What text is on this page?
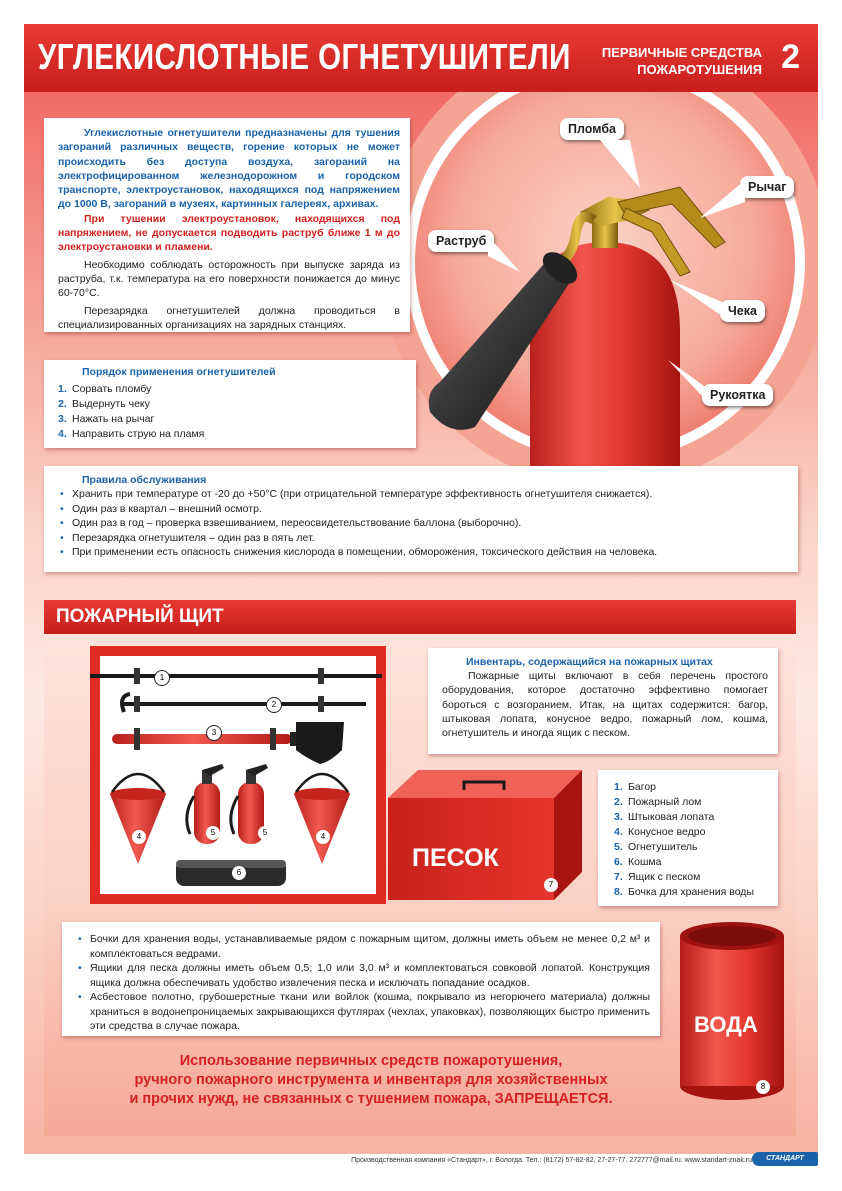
УГЛЕКИСЛОТНЫЕ ОГНЕТУШИТЕЛИ ПЕРВИЧНЫЕ СРЕДСТВА
ПОЖАРОТУШЕНИЯ 2
Пломба
Рычаг
Раструб
Чека
Рукоятка

Углекислотные огнетушители предназначены для тушения загораний различных веществ, горение которых не может происходить без доступа воздуха, загораний на электрофицированном железнодорожном и городском транспорте, электроустановок, находящихся под напряжением до 1000 В, загораний в музеях, картинных галереях, архивах.

При тушении электроустановок, находящихся под напряжением, не допускается подводить раструб ближе 1 м до электроустановки и пламени.

Необходимо соблюдать осторожность при выпуске заряда из раструба, т.к. температура на его поверхности понижается до минус 60-70°С.

Перезарядка огнетушителей должна проводиться в специализированных организациях на зарядных станциях.

Порядок применения огнетушителей
1. Сорвать пломбу
2. Выдернуть чеку
3. Нажать на рычаг
4. Направить струю на пламя
Правила обслуживания
• Хранить при температуре от -20 до +50°С (при отрицательной температуре эффективность огнетушителя снижается).
• Один раз в квартал – внешний осмотр.
• Один раз в год – проверка взвешиванием, переосвидетельствование баллона (выборочно).
• Перезарядка огнетушителя – один раз в пять лет.
• При применении есть опасность снижения кислорода в помещении, обморожения, токсического действия на человека.
ПОЖАРНЫЙ ЩИТ
1
2
3
4	5	5	4
6
Инвентарь, содержащийся на пожарных щитах

Пожарные щиты включают в себя перечень простого оборудования, которое достаточно эффективно помогает бороться с возгоранием. Итак, на щитах содержится: багор, штыковая лопата, конусное ведро, пожарный лом, кошма, огнетушитель и иногда ящик с песком.

ПЕСОК
7
1. Багор
2. Пожарный лом
3. Штыковая лопата
4. Конусное ведро
5. Огнетушитель
6. Кошма
7. Ящик с песком
8. Бочка для хранения воды
• Бочки для хранения воды, устанавливаемые рядом с пожарным щитом, должны иметь объем не менее 0,2 м³ и комплектоваться ведрами.
• Ящики для песка должны иметь объем 0,5; 1,0 или 3,0 м³ и комплектоваться совковой лопатой. Конструкция ящика должна обеспечивать удобство извлечения песка и исключать попадание осадков.
• Асбестовое полотно, грубошерстные ткани или войлок (кошма, покрывало из негорючего материала) должны храниться в водонепроницаемых закрывающихся футлярах (чехлах, упаковках), позволяющих быстро применить эти средства в случае пожара.	ВОДА
8
Использование первичных средств пожаротушения,
ручного пожарного инструмента и инвентаря для хозяйственных
и прочих нужд, не связанных с тушением пожара, ЗАПРЕЩАЕТСЯ.
Производственная компания «Стандарт», г. Вологда. Тел.: (8172) 57-82-82, 27-27-77. 272777@mail.ru. www.standart-znak.ru	СТАНДАРТ
